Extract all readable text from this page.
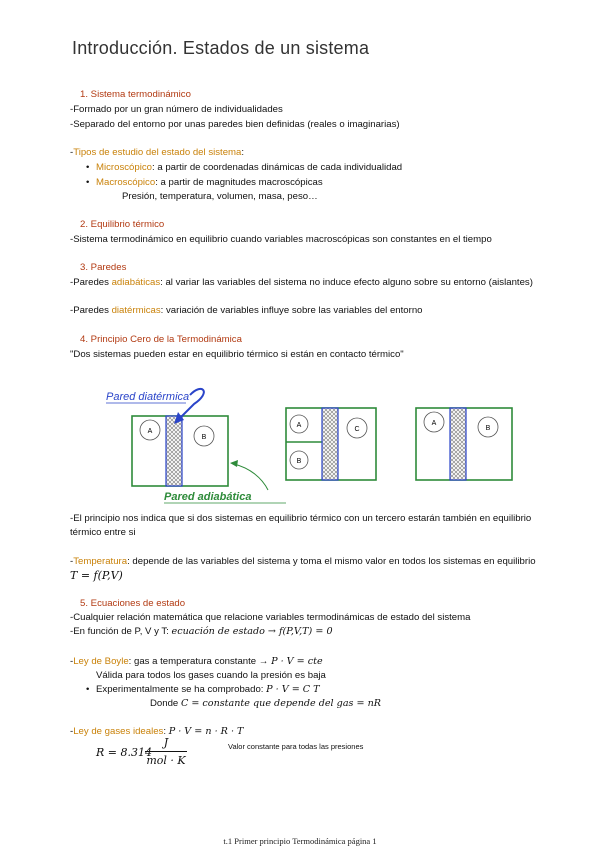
Introducción. Estados de un sistema
1. Sistema termodinámico
-Formado por un gran número de individualidades
-Separado del entorno por unas paredes bien definidas (reales o imaginarias)
-Tipos de estudio del estado del sistema:
• Microscópico: a partir de coordenadas dinámicas de cada individualidad
• Macroscópico: a partir de magnitudes macroscópicas
Presión, temperatura, volumen, masa, peso…
2. Equilibrio térmico
-Sistema termodinámico en equilibrio cuando variables macroscópicas son constantes en el tiempo
3. Paredes
-Paredes adiabáticas: al variar las variables del sistema no induce efecto alguno sobre su entorno (aislantes)
-Paredes diatérmicas: variación de variables influye sobre las variables del entorno
4. Principio Cero de la Termodinámica
"Dos sistemas pueden estar en equilibrio térmico si están en contacto térmico"
A
B
Pared diatérmica
Pared adiabática
A
B
C
A
B
-El principio nos indica que si dos sistemas en equilibrio térmico con un tercero estarán también en equilibrio
térmico entre si
-Temperatura: depende de las variables del sistema y toma el mismo valor en todos los sistemas en equilibrio
T = f(P,V)
5. Ecuaciones de estado
-Cualquier relación matemática que relacione variables termodinámicas de estado del sistema
-En función de P, V y T: ecuación de estado → f(P,V,T) = 0
-Ley de Boyle: gas a temperatura constante → P · V = cte
Válida para todos los gases cuando la presión es baja
• Experimentalmente se ha comprobado: P · V = C T
Donde C = constante que depende del gas = nR
-Ley de gases ideales: P · V = n · R · T
R = 8.314
J
mol · K
Valor constante para todas las presiones
t.1 Primer principio Termodinámica página 1
